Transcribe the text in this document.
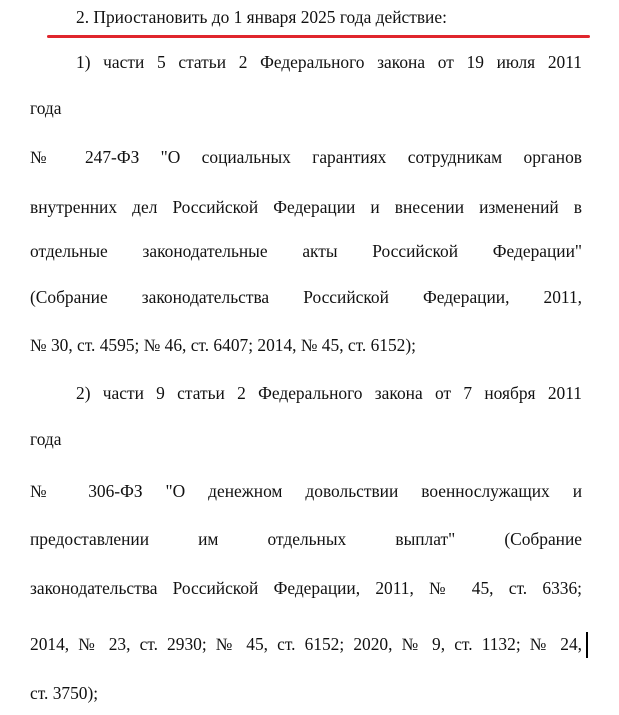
2. Приостановить до 1 января 2025 года действие:
1) части 5 статьи 2 Федерального закона от 19 июля 2011
года
№ 247-ФЗ "О социальных гарантиях сотрудникам органов
внутренних дел Российской Федерации и внесении изменений в
отдельные законодательные акты Российской Федерации"
(Собрание законодательства Российской Федерации, 2011,
№ 30, ст. 4595; № 46, ст. 6407; 2014, № 45, ст. 6152);
2) части 9 статьи 2 Федерального закона от 7 ноября 2011
года
№ 306-ФЗ "О денежном довольствии военнослужащих и
предоставлении им отдельных выплат" (Собрание
законодательства Российской Федерации, 2011, № 45, ст. 6336;
2014, № 23, ст. 2930; № 45, ст. 6152; 2020, № 9, ст. 1132; № 24,
ст. 3750);
